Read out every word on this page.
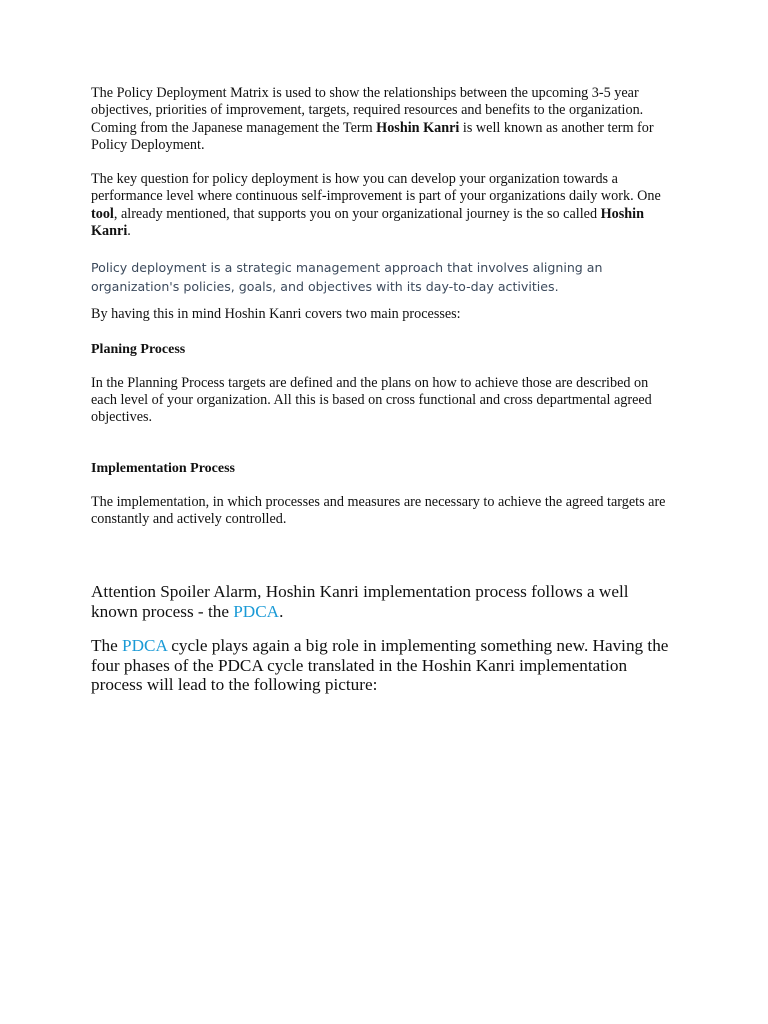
The Policy Deployment Matrix is used to show the relationships between the upcoming 3-5 year objectives, priorities of improvement, targets, required resources and benefits to the organization. Coming from the Japanese management the Term Hoshin Kanri is well known as another term for Policy Deployment.

The key question for policy deployment is how you can develop your organization towards a performance level where continuous self-improvement is part of your organizations daily work. One tool, already mentioned, that supports you on your organizational journey is the so called Hoshin Kanri.

Policy deployment is a strategic management approach that involves aligning an organization's policies, goals, and objectives with its day-to-day activities.

By having this in mind Hoshin Kanri covers two main processes:

Planing Process

In the Planning Process targets are defined and the plans on how to achieve those are described on each level of your organization. All this is based on cross functional and cross departmental agreed objectives.

Implementation Process

The implementation, in which processes and measures are necessary to achieve the agreed targets are constantly and actively controlled.

Attention Spoiler Alarm, Hoshin Kanri implementation process follows a well known process - the PDCA.

The PDCA cycle plays again a big role in implementing something new. Having the four phases of the PDCA cycle translated in the Hoshin Kanri implementation process will lead to the following picture:
